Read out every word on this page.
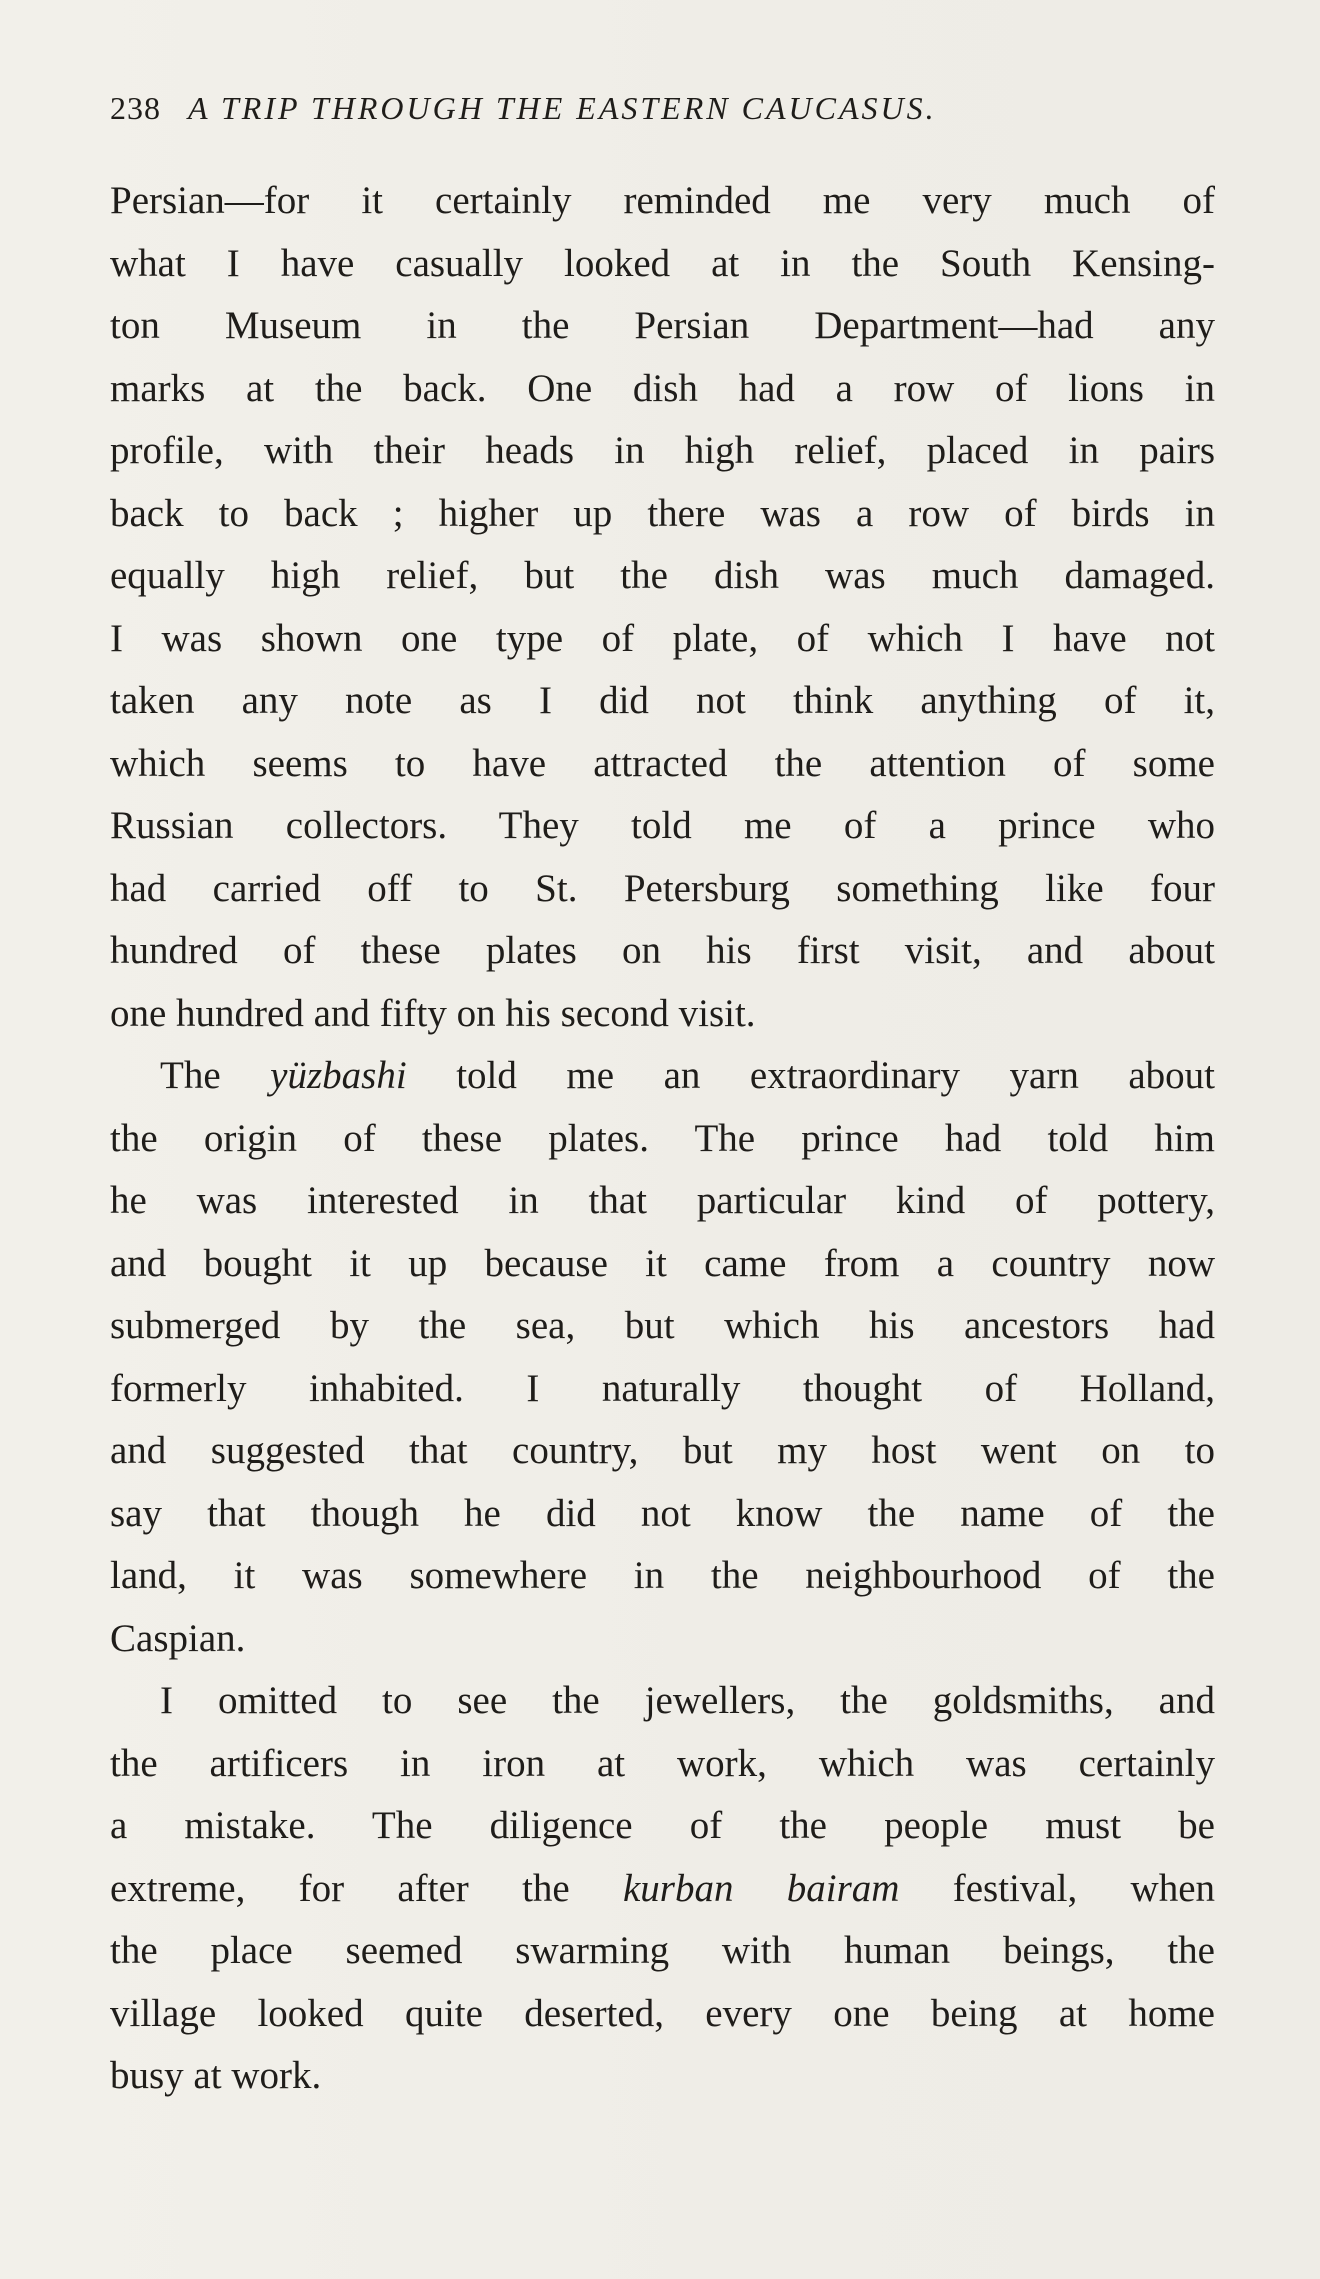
238 A TRIP THROUGH THE EASTERN CAUCASUS.
Persian—for it certainly reminded me very much of
what I have casually looked at in the South Kensing-
ton Museum in the Persian Department—had any
marks at the back. One dish had a row of lions in
profile, with their heads in high relief, placed in pairs
back to back ; higher up there was a row of birds in
equally high relief, but the dish was much damaged.
I was shown one type of plate, of which I have not
taken any note as I did not think anything of it,
which seems to have attracted the attention of some
Russian collectors. They told me of a prince who
had carried off to St. Petersburg something like four
hundred of these plates on his first visit, and about
one hundred and fifty on his second visit.
The yüzbashi told me an extraordinary yarn about
the origin of these plates. The prince had told him
he was interested in that particular kind of pottery,
and bought it up because it came from a country now
submerged by the sea, but which his ancestors had
formerly inhabited. I naturally thought of Holland,
and suggested that country, but my host went on to
say that though he did not know the name of the
land, it was somewhere in the neighbourhood of the
Caspian.
I omitted to see the jewellers, the goldsmiths, and
the artificers in iron at work, which was certainly
a mistake. The diligence of the people must be
extreme, for after the kurban bairam festival, when
the place seemed swarming with human beings, the
village looked quite deserted, every one being at home
busy at work.
